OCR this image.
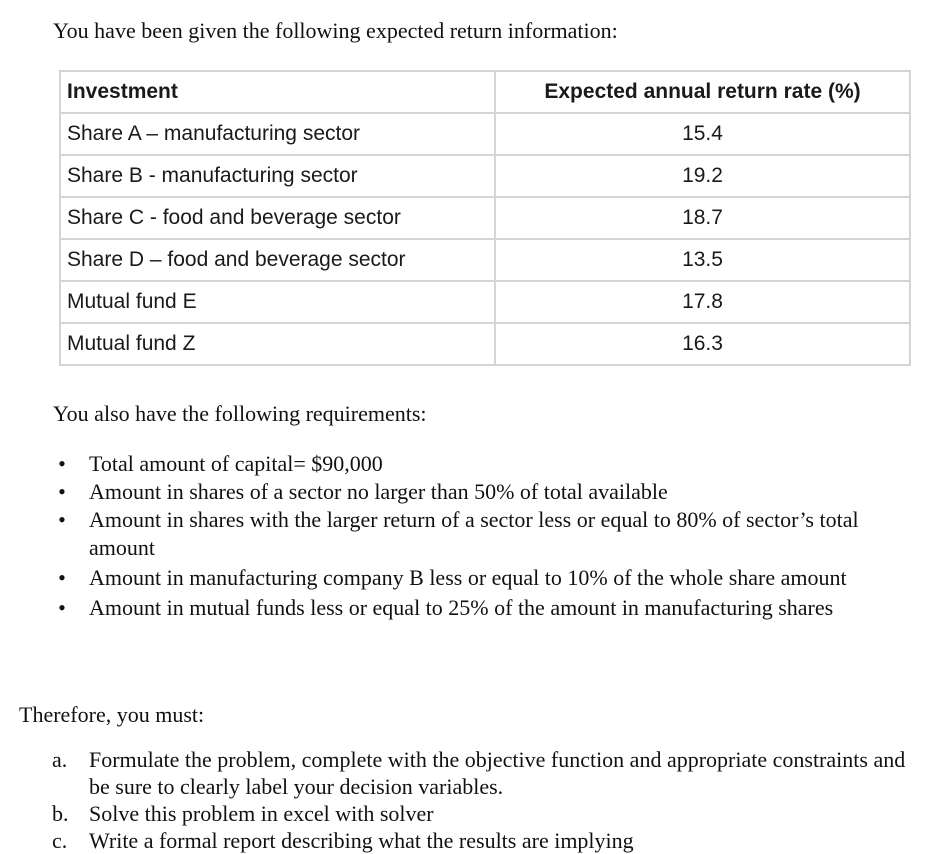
You have been given the following expected return information:
Investment	Expected annual return rate (%)
Share A – manufacturing sector	15.4
Share B - manufacturing sector	19.2
Share C - food and beverage sector	18.7
Share D – food and beverage sector	13.5
Mutual fund E	17.8
Mutual fund Z	16.3
You also have the following requirements:
• Total amount of capital= $90,000
• Amount in shares of a sector no larger than 50% of total available
• Amount in shares with the larger return of a sector less or equal to 80% of sector’s total amount
• Amount in manufacturing company B less or equal to 10% of the whole share amount
• Amount in mutual funds less or equal to 25% of the amount in manufacturing shares
Therefore, you must:
a. Formulate the problem, complete with the objective function and appropriate constraints and be sure to clearly label your decision variables.
b. Solve this problem in excel with solver
c. Write a formal report describing what the results are implying
